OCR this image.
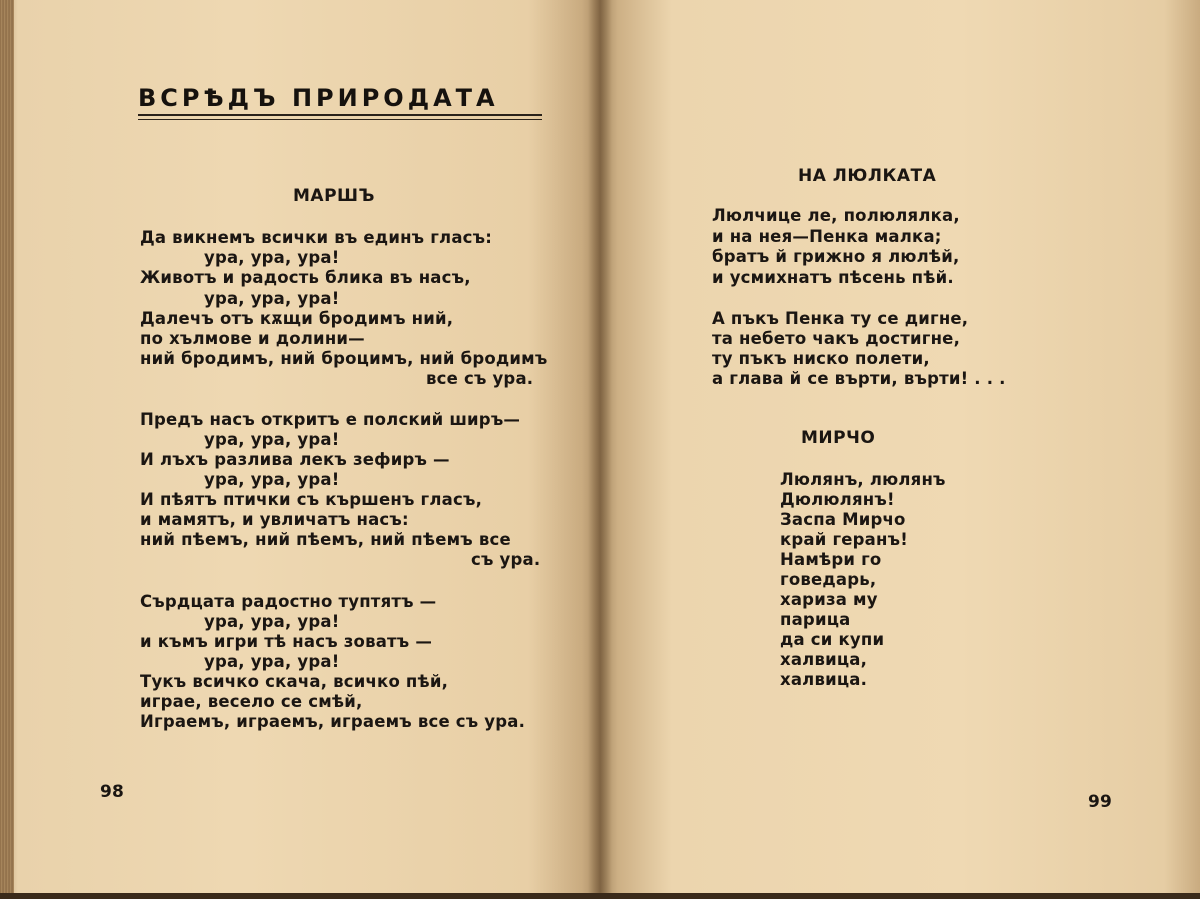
ВСРѢДЪ ПРИРОДАТА
МАРШЪ
Да викнемъ всички въ единъ гласъ:
ура, ура, ура!
Животъ и радость блика въ насъ,
ура, ура, ура!
Далечъ отъ кѫщи бродимъ ний,
по хълмове и долини—
ний бродимъ, ний броцимъ, ний бродимъ
все съ ура.
Предъ насъ откритъ е полский ширъ—
ура, ура, ура!
И лъхъ разлива лекъ зефиръ —
ура, ура, ура!
И пѣятъ птички съ кършенъ гласъ,
и мамятъ, и увличатъ насъ:
ний пѣемъ, ний пѣемъ, ний пѣемъ все
съ ура.
Сърдцата радостно туптятъ —
ура, ура, ура!
и къмъ игри тѣ насъ зоватъ —
ура, ура, ура!
Тукъ всичко скача, всичко пѣй,
играе, весело се смѣй,
Играемъ, играемъ, играемъ все съ ура.
98
НА ЛЮЛКАТА
Люлчице ле, полюлялка,
и на нея—Пенка малка;
братъ й грижно я люлѣй,
и усмихнатъ пѣсень пѣй.
А пъкъ Пенка ту се дигне,
та небето чакъ достигне,
ту пъкъ ниско полети,
а глава й се върти, върти! . . .
МИРЧО
Люлянъ, люлянъ
Дюлюлянъ!
Заспа Мирчо
край геранъ!
Намѣри го
говедарь,
хариза му
парица
да си купи
халвица,
халвица.
99
